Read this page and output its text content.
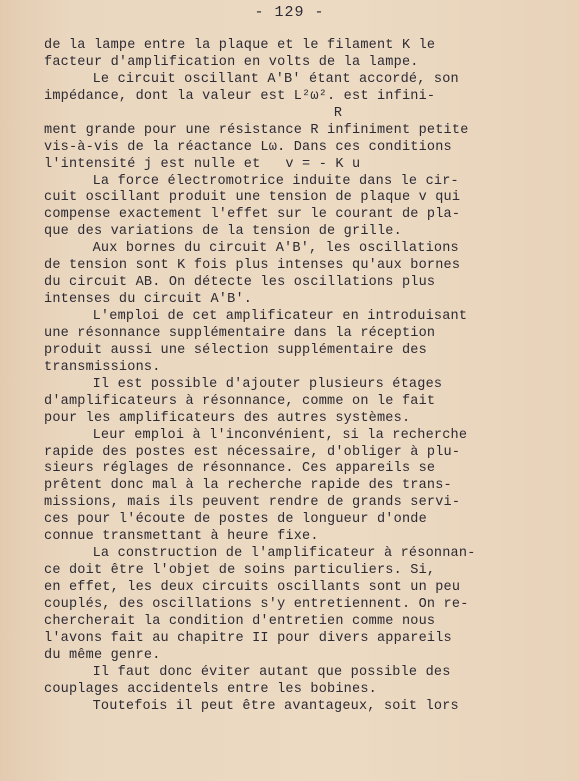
- 129 -
de la lampe entre la plaque et le filament K le
facteur d'amplification en volts de la lampe.
Le circuit oscillant A'B' étant accordé, son
impédance, dont la valeur est L²ω². est infini-
R
ment grande pour une résistance R infiniment petite
vis-à-vis de la réactance Lω. Dans ces conditions
l'intensité j est nulle et   v = - K u
La force électromotrice induite dans le cir-
cuit oscillant produit une tension de plaque v qui
compense exactement l'effet sur le courant de pla-
que des variations de la tension de grille.
Aux bornes du circuit A'B', les oscillations
de tension sont K fois plus intenses qu'aux bornes
du circuit AB. On détecte les oscillations plus
intenses du circuit A'B'.
L'emploi de cet amplificateur en introduisant
une résonnance supplémentaire dans la réception
produit aussi une sélection supplémentaire des
transmissions.
Il est possible d'ajouter plusieurs étages
d'amplificateurs à résonnance, comme on le fait
pour les amplificateurs des autres systèmes.
Leur emploi à l'inconvénient, si la recherche
rapide des postes est nécessaire, d'obliger à plu-
sieurs réglages de résonnance. Ces appareils se
prêtent donc mal à la recherche rapide des trans-
missions, mais ils peuvent rendre de grands servi-
ces pour l'écoute de postes de longueur d'onde
connue transmettant à heure fixe.
La construction de l'amplificateur à résonnan-
ce doit être l'objet de soins particuliers. Si,
en effet, les deux circuits oscillants sont un peu
couplés, des oscillations s'y entretiennent. On re-
chercherait la condition d'entretien comme nous
l'avons fait au chapitre II pour divers appareils
du même genre.
Il faut donc éviter autant que possible des
couplages accidentels entre les bobines.
Toutefois il peut être avantageux, soit lors
